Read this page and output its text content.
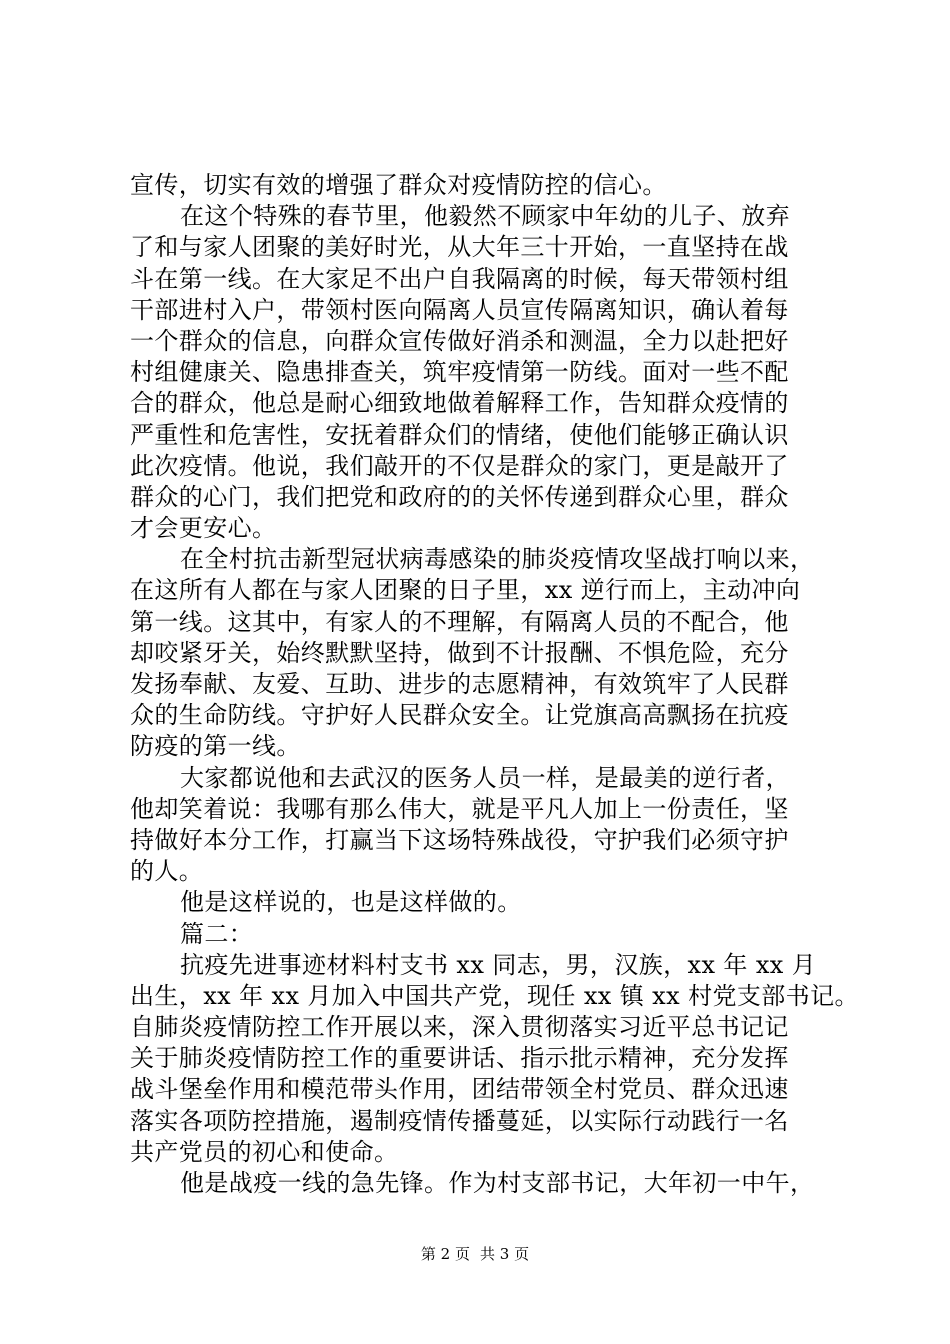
宣传，切实有效的增强了群众对疫情防控的信心。
在这个特殊的春节里，他毅然不顾家中年幼的儿子、放弃
了和与家人团聚的美好时光，从大年三十开始，一直坚持在战
斗在第一线。在大家足不出户自我隔离的时候，每天带领村组
干部进村入户，带领村医向隔离人员宣传隔离知识，确认着每
一个群众的信息，向群众宣传做好消杀和测温，全力以赴把好
村组健康关、隐患排查关，筑牢疫情第一防线。面对一些不配
合的群众，他总是耐心细致地做着解释工作，告知群众疫情的
严重性和危害性，安抚着群众们的情绪，使他们能够正确认识
此次疫情。他说，我们敲开的不仅是群众的家门，更是敲开了
群众的心门，我们把党和政府的的关怀传递到群众心里，群众
才会更安心。
在全村抗击新型冠状病毒感染的肺炎疫情攻坚战打响以来，
在这所有人都在与家人团聚的日子里，xx 逆行而上，主动冲向
第一线。这其中，有家人的不理解，有隔离人员的不配合，他
却咬紧牙关，始终默默坚持，做到不计报酬、不惧危险，充分
发扬奉献、友爱、互助、进步的志愿精神，有效筑牢了人民群
众的生命防线。守护好人民群众安全。让党旗高高飘扬在抗疫
防疫的第一线。
大家都说他和去武汉的医务人员一样，是最美的逆行者，
他却笑着说：我哪有那么伟大，就是平凡人加上一份责任，坚
持做好本分工作，打赢当下这场特殊战役，守护我们必须守护
的人。
他是这样说的，也是这样做的。
篇二：
抗疫先进事迹材料村支书 xx 同志，男，汉族，xx 年 xx 月
出生，xx 年 xx 月加入中国共产党，现任 xx 镇 xx 村党支部书记。
自肺炎疫情防控工作开展以来，深入贯彻落实习近平总书记记
关于肺炎疫情防控工作的重要讲话、指示批示精神，充分发挥
战斗堡垒作用和模范带头作用，团结带领全村党员、群众迅速
落实各项防控措施，遏制疫情传播蔓延，以实际行动践行一名
共产党员的初心和使命。
他是战疫一线的急先锋。作为村支部书记，大年初一中午，
第 2 页 共 3 页
